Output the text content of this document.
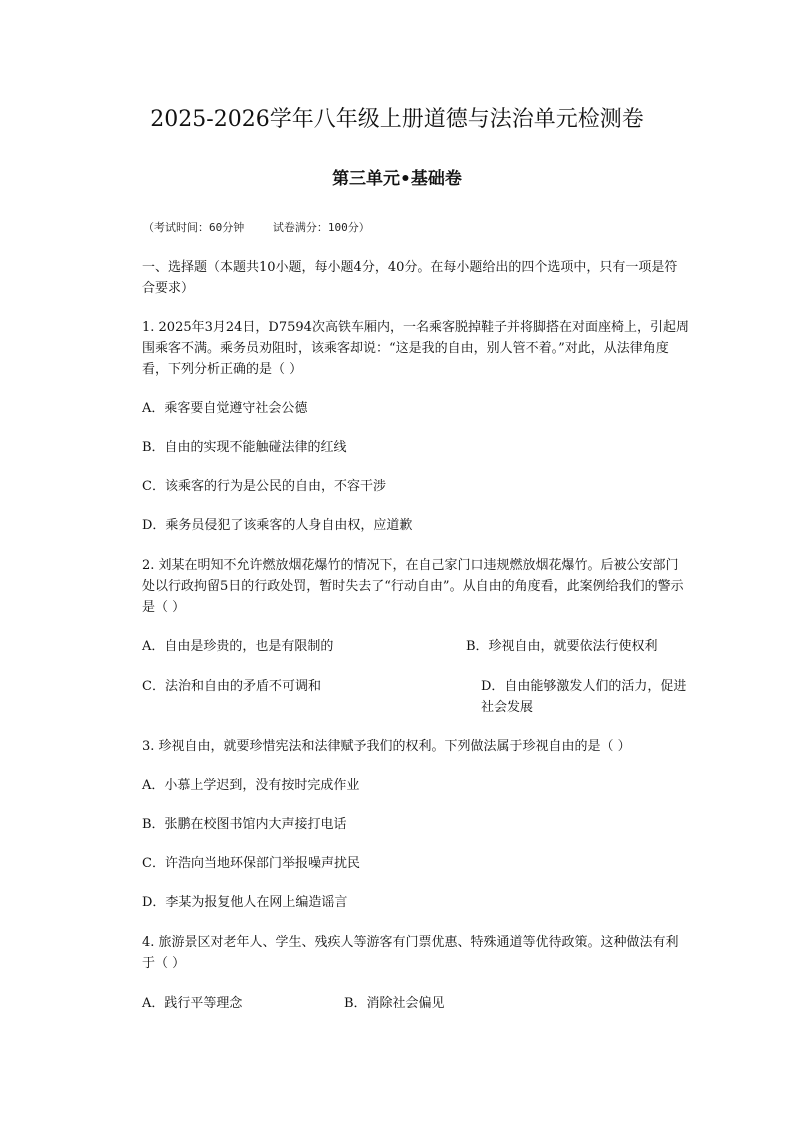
2025-2026学年八年级上册道德与法治单元检测卷
第三单元•基础卷
（考试时间：60分钟	试卷满分：100分）
一、选择题（本题共10小题，每小题4分，40分。在每小题给出的四个选项中，只有一项是符合要求）
1. 2025年3月24日，D7594次高铁车厢内，一名乘客脱掉鞋子并将脚搭在对面座椅上，引起周围乘客不满。乘务员劝阻时，该乘客却说：“这是我的自由，别人管不着。”对此，从法律角度看，下列分析正确的是（ ）
A．乘客要自觉遵守社会公德
B．自由的实现不能触碰法律的红线
C．该乘客的行为是公民的自由，不容干涉
D．乘务员侵犯了该乘客的人身自由权，应道歉
2. 刘某在明知不允许燃放烟花爆竹的情况下，在自己家门口违规燃放烟花爆竹。后被公安部门处以行政拘留5日的行政处罚，暂时失去了“行动自由”。从自由的角度看，此案例给我们的警示是（ ）
A．自由是珍贵的，也是有限制的	B．珍视自由，就要依法行使权利
C．法治和自由的矛盾不可调和	D．自由能够激发人们的活力，促进社会发展
3. 珍视自由，就要珍惜宪法和法律赋予我们的权利。下列做法属于珍视自由的是（ ）
A．小慕上学迟到，没有按时完成作业
B．张鹏在校图书馆内大声接打电话
C．许浩向当地环保部门举报噪声扰民
D．李某为报复他人在网上编造谣言
4. 旅游景区对老年人、学生、残疾人等游客有门票优惠、特殊通道等优待政策。这种做法有利于（ ）
A．践行平等理念	B．消除社会偏见
